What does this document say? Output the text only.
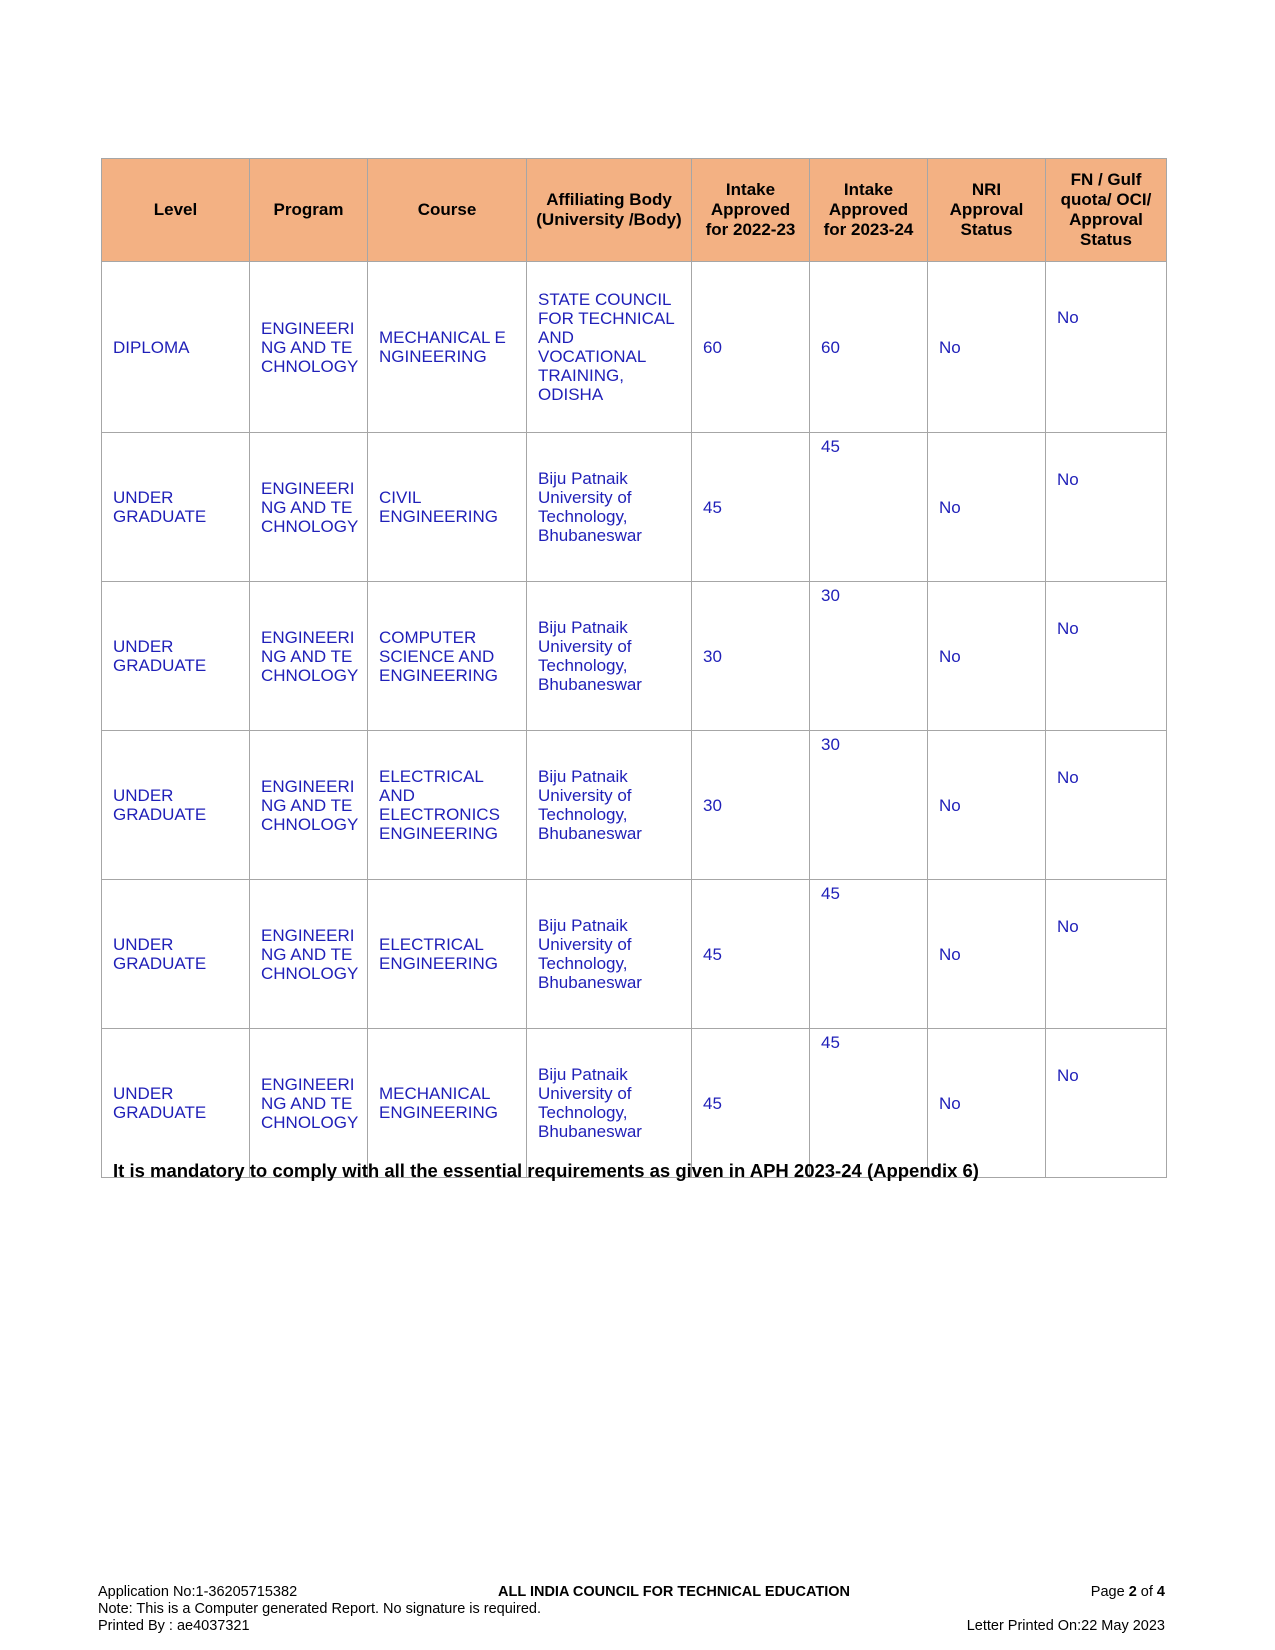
Level	Program	Course	Affiliating Body (University /Body)	Intake Approved for 2022-23	Intake Approved for 2023-24	NRI Approval Status	FN / Gulf quota/ OCI/ Approval Status
DIPLOMA	ENGINEERING AND TECHNOLOGY	MECHANICAL ENGINEERING	STATE COUNCIL FOR TECHNICAL AND VOCATIONAL TRAINING, ODISHA	60	60	No	No
UNDER GRADUATE	ENGINEERING AND TECHNOLOGY	CIVIL ENGINEERING	Biju Patnaik University of Technology, Bhubaneswar	45	45	No	No
UNDER GRADUATE	ENGINEERING AND TECHNOLOGY	COMPUTER SCIENCE AND ENGINEERING	Biju Patnaik University of Technology, Bhubaneswar	30	30	No	No
UNDER GRADUATE	ENGINEERING AND TECHNOLOGY	ELECTRICAL AND ELECTRONICS ENGINEERING	Biju Patnaik University of Technology, Bhubaneswar	30	30	No	No
UNDER GRADUATE	ENGINEERING AND TECHNOLOGY	ELECTRICAL ENGINEERING	Biju Patnaik University of Technology, Bhubaneswar	45	45	No	No
UNDER GRADUATE	ENGINEERING AND TECHNOLOGY	MECHANICAL ENGINEERING	Biju Patnaik University of Technology, Bhubaneswar	45	45	No	No
It is mandatory to comply with all the essential requirements as given in APH 2023-24 (Appendix 6)
Application No:1-36205715382	ALL INDIA COUNCIL FOR TECHNICAL EDUCATION	Page 2 of 4
Note: This is a Computer generated Report. No signature is required.
Printed By : ae4037321	Letter Printed On:22 May 2023
